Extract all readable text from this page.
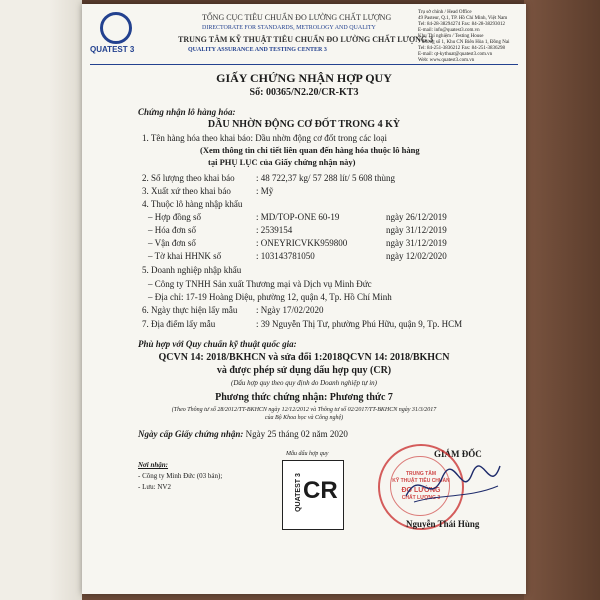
QUATEST 3
TỔNG CỤC TIÊU CHUẨN ĐO LƯỜNG CHẤT LƯỢNG
DIRECTORATE FOR STANDARDS, METROLOGY AND QUALITY
TRUNG TÂM KỸ THUẬT TIÊU CHUẨN ĐO LƯỜNG CHẤT LƯỢNG 3
QUALITY ASSURANCE AND TESTING CENTER 3
Trụ sở chính / Head Office
49 Pasteur, Q.1, TP. Hồ Chí Minh, Việt Nam
Tel: 84-28-38294274 Fax: 84-28-38293012
E-mail: info@quatest3.com.vn
Khu Thí nghiệm / Testing House
7 đường số 1, Khu CN Biên Hòa 1, Đồng Nai
Tel: 84-251-3836212 Fax: 84-251-3836298
E-mail: qt-kythuat@quatest3.com.vn
Web: www.quatest3.com.vn
GIẤY CHỨNG NHẬN HỢP QUY
Số: 00365/N2.20/CR-KT3
Chứng nhận lô hàng hóa:
DẦU NHỜN ĐỘNG CƠ ĐỐT TRONG 4 KỲ
1. Tên hàng hóa theo khai báo: Dầu nhờn động cơ đốt trong các loại
(Xem thông tin chi tiết liên quan đến hàng hóa thuộc lô hàng
tại PHỤ LỤC của Giấy chứng nhận này)
2. Số lượng theo khai báo : 48 722,37 kg/ 57 288 lít/ 5 608 thùng
3. Xuất xứ theo khai báo	: Mỹ
4. Thuộc lô hàng nhập khẩu
– Hợp đồng số	: MD/TOP-ONE 60-19	ngày 26/12/2019
– Hóa đơn số	: 2539154	ngày 31/12/2019
– Vận đơn số	: ONEYRICVKK959800	ngày 31/12/2019
– Tờ khai HHNK số	: 103143781050	ngày 12/02/2020
5. Doanh nghiệp nhập khẩu
– Công ty TNHH Sản xuất Thương mại và Dịch vụ Minh Đức
– Địa chỉ: 17-19 Hoàng Diệu, phường 12, quận 4, Tp. Hồ Chí Minh
6. Ngày thực hiện lấy mẫu : Ngày 17/02/2020
7. Địa điểm lấy mẫu	: 39 Nguyễn Thị Tư, phường Phú Hữu, quận 9, Tp. HCM
Phù hợp với Quy chuẩn kỹ thuật quốc gia:
QCVN 14: 2018/BKHCN và sửa đổi 1:2018QCVN 14: 2018/BKHCN
và được phép sử dụng dấu hợp quy (CR)
(Dấu hợp quy theo quy định do Doanh nghiệp tự in)
Phương thức chứng nhận: Phương thức 7
(Theo Thông tư số 28/2012/TT-BKHCN ngày 12/12/2012 và Thông tư số 02/2017/TT-BKHCN ngày 31/3/2017
của Bộ Khoa học và Công nghệ)
Ngày cấp Giấy chứng nhận: Ngày 25 tháng 02 năm 2020
Nơi nhận:
- Công ty Minh Đức (03 bản);
- Lưu: NV2
Mẫu dấu hợp quy
QUATEST 3 CR
GIÁM ĐỐC
TRUNG TÂM
KỸ THUẬT TIÊU CHUẨN
ĐO LƯỜNG
CHẤT LƯỢNG 3
Nguyễn Thái Hùng
